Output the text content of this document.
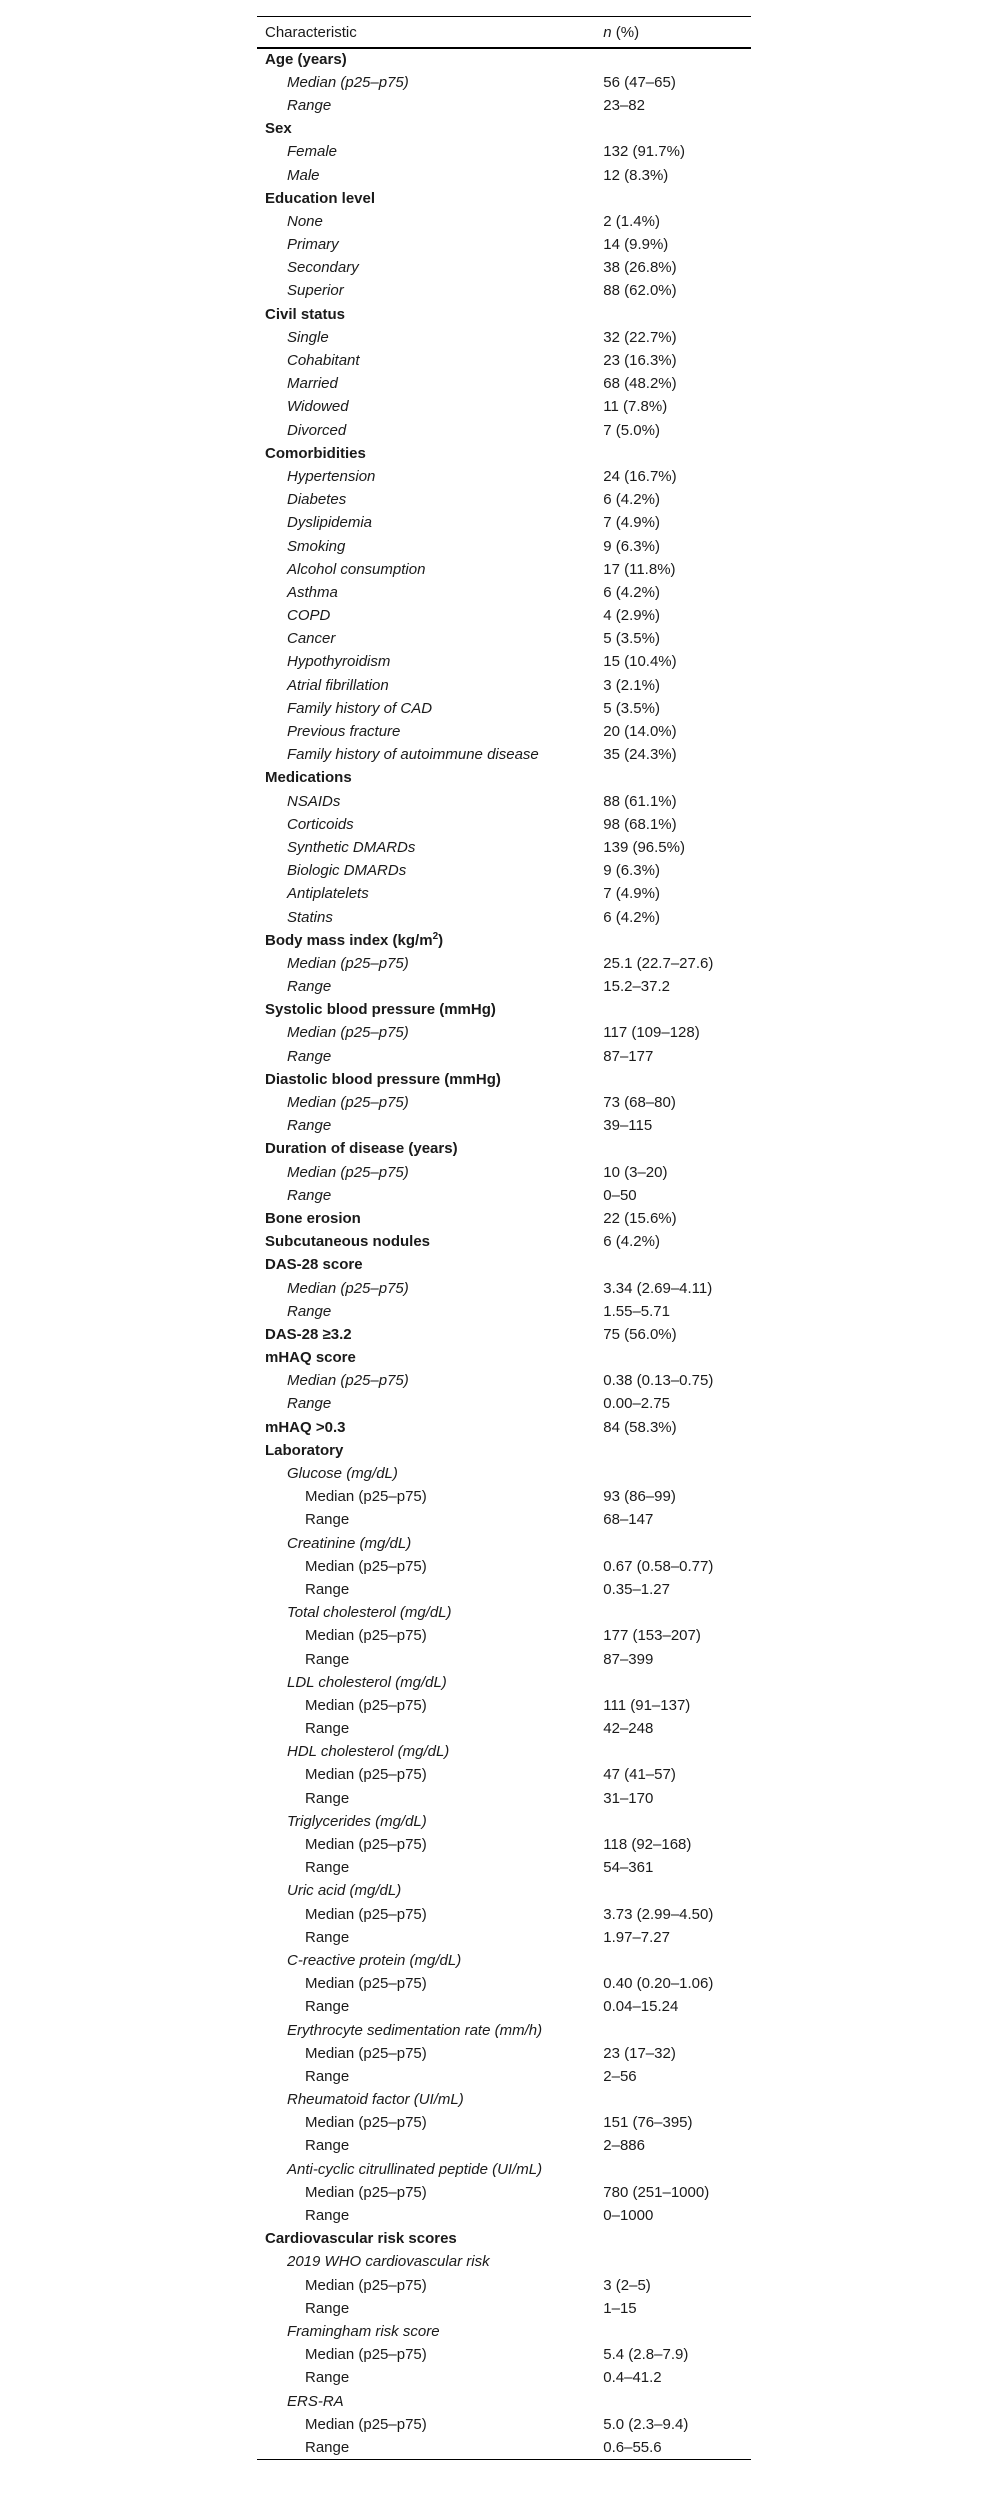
Characteristic	n (%)
Age (years)	
Median (p25–p75)	56 (47–65)
Range	23–82
Sex	
Female	132 (91.7%)
Male	12 (8.3%)
Education level	
None	2 (1.4%)
Primary	14 (9.9%)
Secondary	38 (26.8%)
Superior	88 (62.0%)
Civil status	
Single	32 (22.7%)
Cohabitant	23 (16.3%)
Married	68 (48.2%)
Widowed	11 (7.8%)
Divorced	7 (5.0%)
Comorbidities	
Hypertension	24 (16.7%)
Diabetes	6 (4.2%)
Dyslipidemia	7 (4.9%)
Smoking	9 (6.3%)
Alcohol consumption	17 (11.8%)
Asthma	6 (4.2%)
COPD	4 (2.9%)
Cancer	5 (3.5%)
Hypothyroidism	15 (10.4%)
Atrial fibrillation	3 (2.1%)
Family history of CAD	5 (3.5%)
Previous fracture	20 (14.0%)
Family history of autoimmune disease	35 (24.3%)
Medications	
NSAIDs	88 (61.1%)
Corticoids	98 (68.1%)
Synthetic DMARDs	139 (96.5%)
Biologic DMARDs	9 (6.3%)
Antiplatelets	7 (4.9%)
Statins	6 (4.2%)
Body mass index $(kg/m^2)$	
Median (p25–p75)	25.1 (22.7–27.6)
Range	15.2–37.2
Systolic blood pressure (mmHg)	
Median (p25–p75)	117 (109–128)
Range	87–177
Diastolic blood pressure (mmHg)	
Median (p25–p75)	73 (68–80)
Range	39–115
Duration of disease (years)	
Median (p25–p75)	10 (3–20)
Range	0–50
Bone erosion	22 (15.6%)
Subcutaneous nodules	6 (4.2%)
DAS-28 score	
Median (p25–p75)	3.34 (2.69–4.11)
Range	1.55–5.71
DAS-28 ≥3.2	75 (56.0%)
mHAQ score	
Median (p25–p75)	0.38 (0.13–0.75)
Range	0.00–2.75
mHAQ >0.3	84 (58.3%)
Laboratory	
Glucose (mg/dL)	
Median (p25–p75)	93 (86–99)
Range	68–147
Creatinine (mg/dL)	
Median (p25–p75)	0.67 (0.58–0.77)
Range	0.35–1.27
Total cholesterol (mg/dL)	
Median (p25–p75)	177 (153–207)
Range	87–399
LDL cholesterol (mg/dL)	
Median (p25–p75)	111 (91–137)
Range	42–248
HDL cholesterol (mg/dL)	
Median (p25–p75)	47 (41–57)
Range	31–170
Triglycerides (mg/dL)	
Median (p25–p75)	118 (92–168)
Range	54–361
Uric acid (mg/dL)	
Median (p25–p75)	3.73 (2.99–4.50)
Range	1.97–7.27
C-reactive protein (mg/dL)	
Median (p25–p75)	0.40 (0.20–1.06)
Range	0.04–15.24
Erythrocyte sedimentation rate (mm/h)	
Median (p25–p75)	23 (17–32)
Range	2–56
Rheumatoid factor (UI/mL)	
Median (p25–p75)	151 (76–395)
Range	2–886
Anti-cyclic citrullinated peptide (UI/mL)	
Median (p25–p75)	780 (251–1000)
Range	0–1000
Cardiovascular risk scores	
2019 WHO cardiovascular risk	
Median (p25–p75)	3 (2–5)
Range	1–15
Framingham risk score	
Median (p25–p75)	5.4 (2.8–7.9)
Range	0.4–41.2
ERS-RA	
Median (p25–p75)	5.0 (2.3–9.4)
Range	0.6–55.6
